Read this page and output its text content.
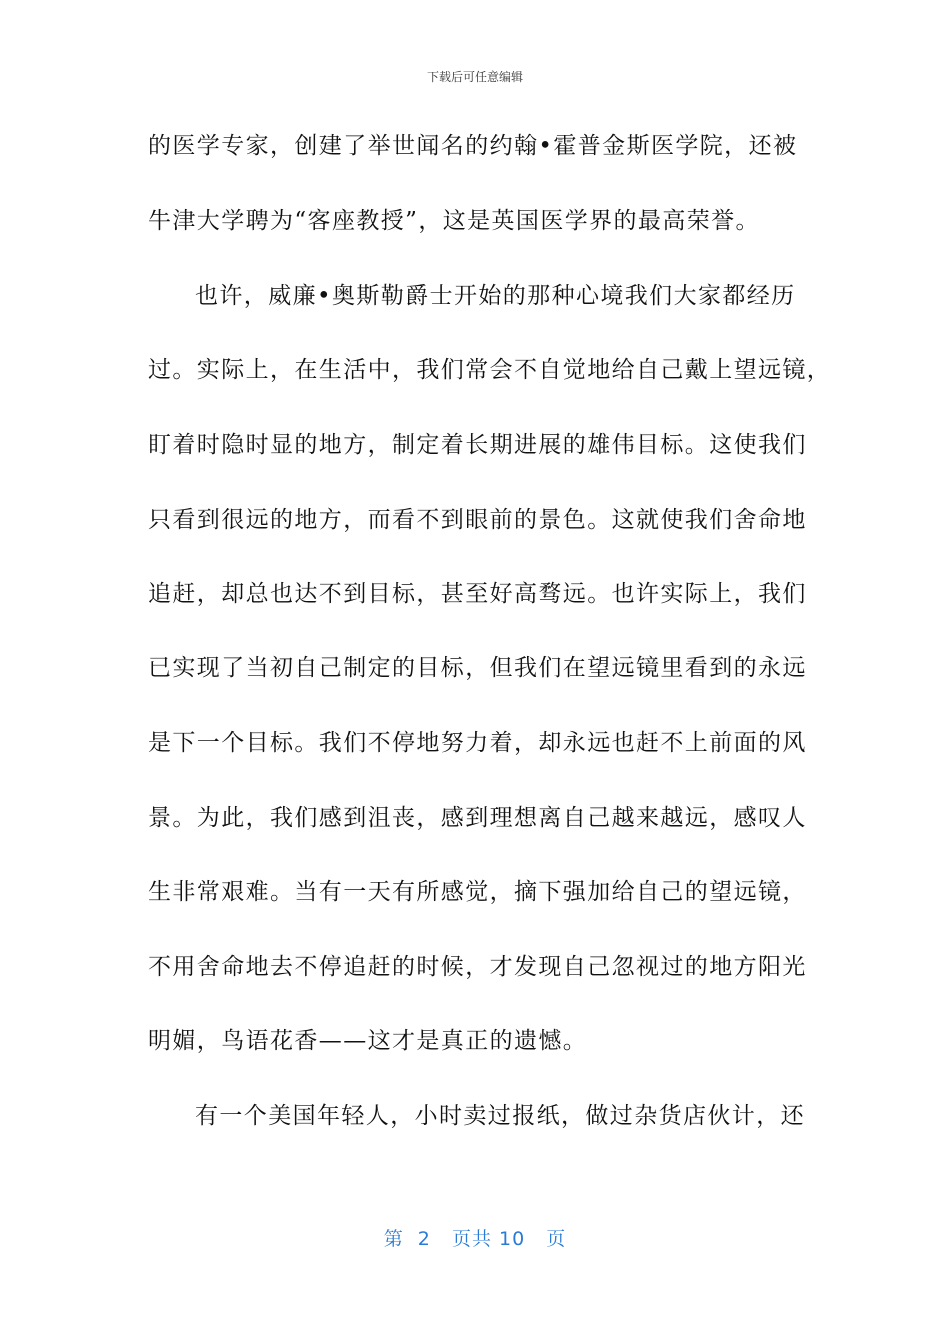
下载后可任意编辑
的医学专家，创建了举世闻名的约翰•霍普金斯医学院，还被
牛津大学聘为“客座教授”，这是英国医学界的最高荣誉。
也许，威廉•奥斯勒爵士开始的那种心境我们大家都经历
过。实际上，在生活中，我们常会不自觉地给自己戴上望远镜，
盯着时隐时显的地方，制定着长期进展的雄伟目标。这使我们
只看到很远的地方，而看不到眼前的景色。这就使我们舍命地
追赶，却总也达不到目标，甚至好高骛远。也许实际上，我们
已实现了当初自己制定的目标，但我们在望远镜里看到的永远
是下一个目标。我们不停地努力着，却永远也赶不上前面的风
景。为此，我们感到沮丧，感到理想离自己越来越远，感叹人
生非常艰难。当有一天有所感觉，摘下强加给自己的望远镜，
不用舍命地去不停追赶的时候，才发现自己忽视过的地方阳光
明媚，鸟语花香——这才是真正的遗憾。
有一个美国年轻人，小时卖过报纸，做过杂货店伙计，还
第  2   页共 10   页
